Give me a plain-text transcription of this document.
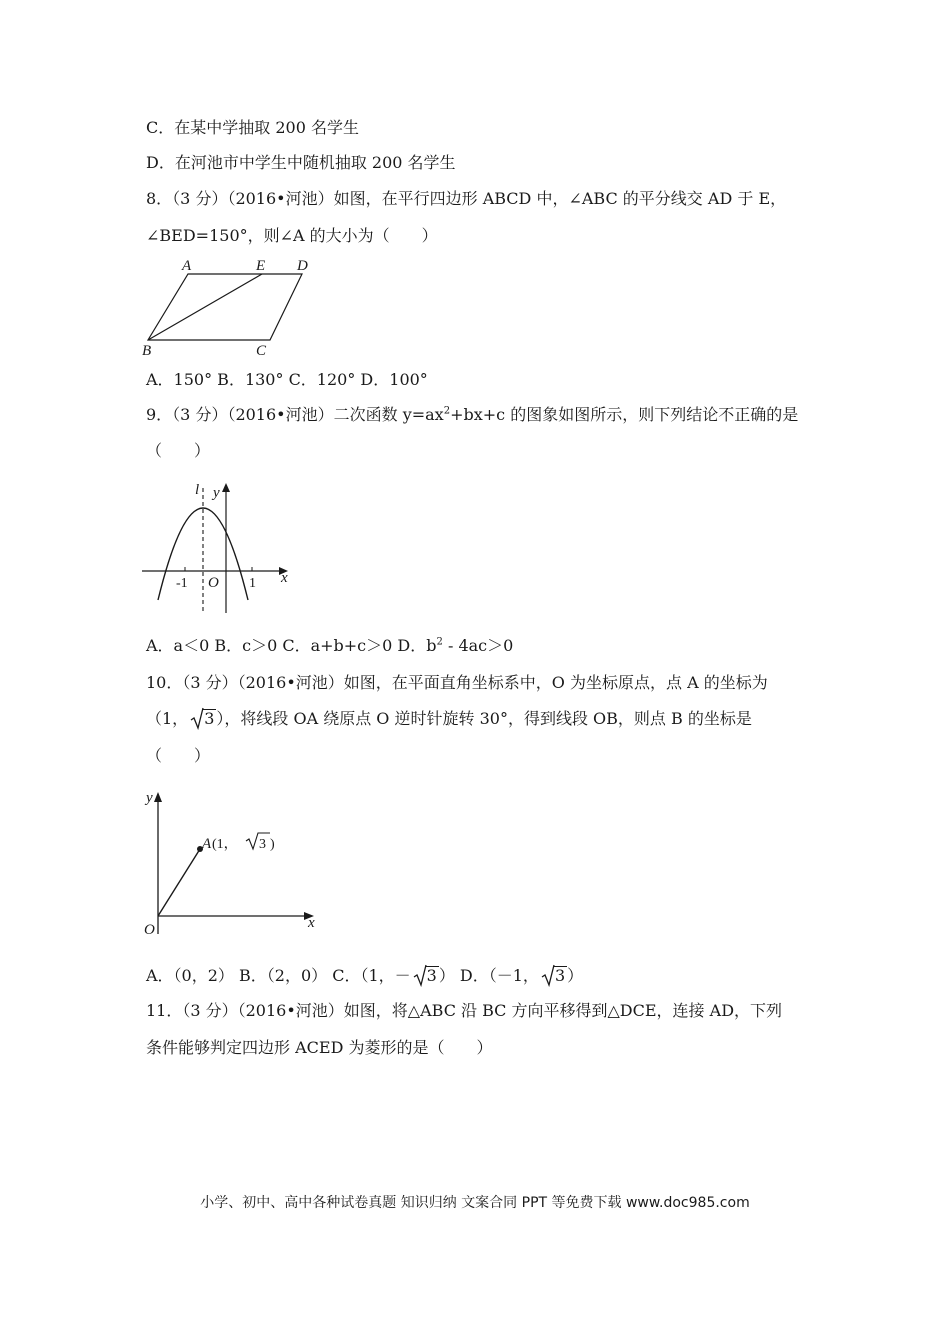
C．在某中学抽取 200 名学生
D．在河池市中学生中随机抽取 200 名学生
8．（3 分）（2016•河池）如图，在平行四边形 ABCD 中，∠ABC 的平分线交 AD 于 E，
∠BED=150°，则∠A 的大小为（　　）
A	E D
B	C
A．150° B．130° C．120° D．100°
9．（3 分）（2016•河池）二次函数 $y=ax^2+bx+c$ 的图象如图所示，则下列结论不正确的是
（　　）
l y
x
O
-1	1
A．a＜0 B．c＞0 C．a+b+c＞0 D．$b^2 - 4ac>0$
10．（3 分）（2016•河池）如图，在平面直角坐标系中，O 为坐标原点，点 A 的坐标为
（1， 3 ），将线段 OA 绕原点 O 逆时针旋转 30°，得到线段 OB，则点 B 的坐标是
（　　）
y
x
O
A (1， 3 )
A．（0，2） B．（2，0） C．（1，－ 3 ） D．（－1， 3 ）
11．（3 分）（2016•河池）如图，将△ABC 沿 BC 方向平移得到△DCE，连接 AD，下列
条件能够判定四边形 ACED 为菱形的是（　　）
小学、初中、高中各种试卷真题 知识归纳 文案合同 PPT 等免费下载 www.doc985.com
